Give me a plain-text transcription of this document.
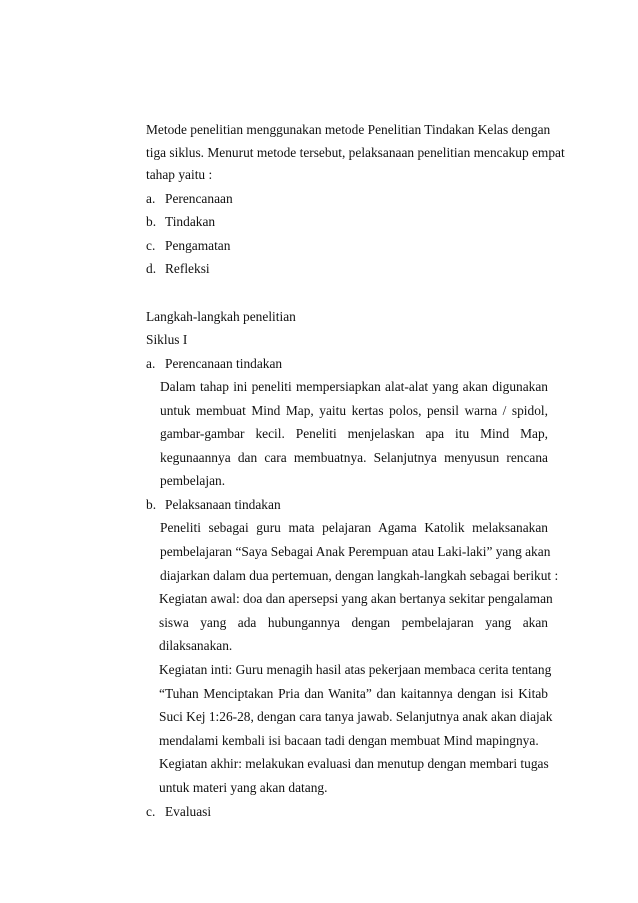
Metode penelitian menggunakan metode Penelitian Tindakan Kelas dengan
tiga siklus. Menurut metode tersebut, pelaksanaan penelitian mencakup empat
tahap yaitu :
a. Perencanaan
b. Tindakan
c. Pengamatan
d. Refleksi

Langkah-langkah penelitian

Siklus I

a. Perencanaan tindakan
Dalam tahap ini peneliti mempersiapkan alat-alat yang akan digunakan
untuk membuat Mind Map, yaitu kertas polos, pensil warna / spidol,
gambar-gambar kecil. Peneliti menjelaskan apa itu Mind Map,
kegunaannya dan cara membuatnya. Selanjutnya menyusun rencana
pembelajan.
b. Pelaksanaan tindakan
Peneliti sebagai guru mata pelajaran Agama Katolik melaksanakan
pembelajaran “Saya Sebagai Anak Perempuan atau Laki-laki” yang akan
diajarkan dalam dua pertemuan, dengan langkah-langkah sebagai berikut :
Kegiatan awal: doa dan apersepsi yang akan bertanya sekitar pengalaman
siswa yang ada hubungannya dengan pembelajaran yang akan
dilaksanakan.
Kegiatan inti: Guru menagih hasil atas pekerjaan membaca cerita tentang
“Tuhan Menciptakan Pria dan Wanita” dan kaitannya dengan isi Kitab
Suci Kej 1:26-28, dengan cara tanya jawab. Selanjutnya anak akan diajak
mendalami kembali isi bacaan tadi dengan membuat Mind mapingnya.
Kegiatan akhir: melakukan evaluasi dan menutup dengan membari tugas
untuk materi yang akan datang.
c. Evaluasi
